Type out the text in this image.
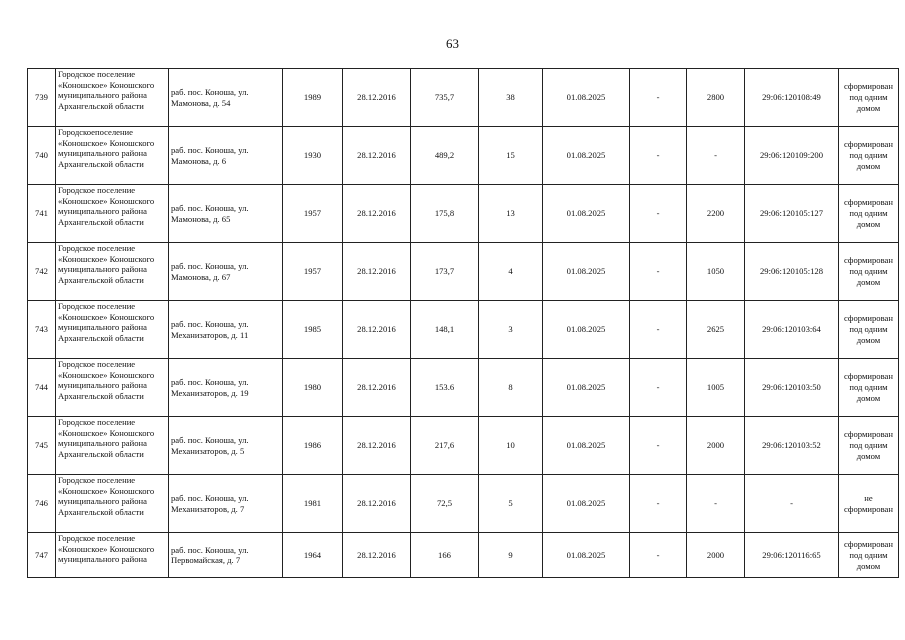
63
739	Городское поселение «Коношское» Коношского муниципального района Архангельской области	раб. пос. Коноша, ул. Мамонова, д. 54	1989	28.12.2016	735,7	38	01.08.2025	-	2800	29:06:120108:49	сформирован под одним домом
740	Городскоепоселение «Коношское» Коношского муниципального района Архангельской области	раб. пос. Коноша, ул. Мамонова, д. 6	1930	28.12.2016	489,2	15	01.08.2025	-	-	29:06:120109:200	сформирован под одним домом
741	Городское поселение «Коношское» Коношского муниципального района Архангельской области	раб. пос. Коноша, ул. Мамонова, д. 65	1957	28.12.2016	175,8	13	01.08.2025	-	2200	29:06:120105:127	сформирован под одним домом
742	Городское поселение «Коношское» Коношского муниципального района Архангельской области	раб. пос. Коноша, ул. Мамонова, д. 67	1957	28.12.2016	173,7	4	01.08.2025	-	1050	29:06:120105:128	сформирован под одним домом
743	Городское поселение «Коношское» Коношского муниципального района Архангельской области	раб. пос. Коноша, ул. Механизаторов, д. 11	1985	28.12.2016	148,1	3	01.08.2025	-	2625	29:06:120103:64	сформирован под одним домом
744	Городское поселение «Коношское» Коношского муниципального района Архангельской области	раб. пос. Коноша, ул. Механизаторов, д. 19	1980	28.12.2016	153.6	8	01.08.2025	-	1005	29:06:120103:50	сформирован под одним домом
745	Городское поселение «Коношское» Коношского муниципального района Архангельской области	раб. пос. Коноша, ул. Механизаторов, д. 5	1986	28.12.2016	217,6	10	01.08.2025	-	2000	29:06:120103:52	сформирован под одним домом
746	Городское поселение «Коношское» Коношского муниципального района Архангельской области	раб. пос. Коноша, ул. Механизаторов, д. 7	1981	28.12.2016	72,5	5	01.08.2025	-	-	-	не сформирован
747	Городское поселение «Коношское» Коношского муниципального района	раб. пос. Коноша, ул. Первомайская, д. 7	1964	28.12.2016	166	9	01.08.2025	-	2000	29:06:120116:65	сформирован под одним домом
